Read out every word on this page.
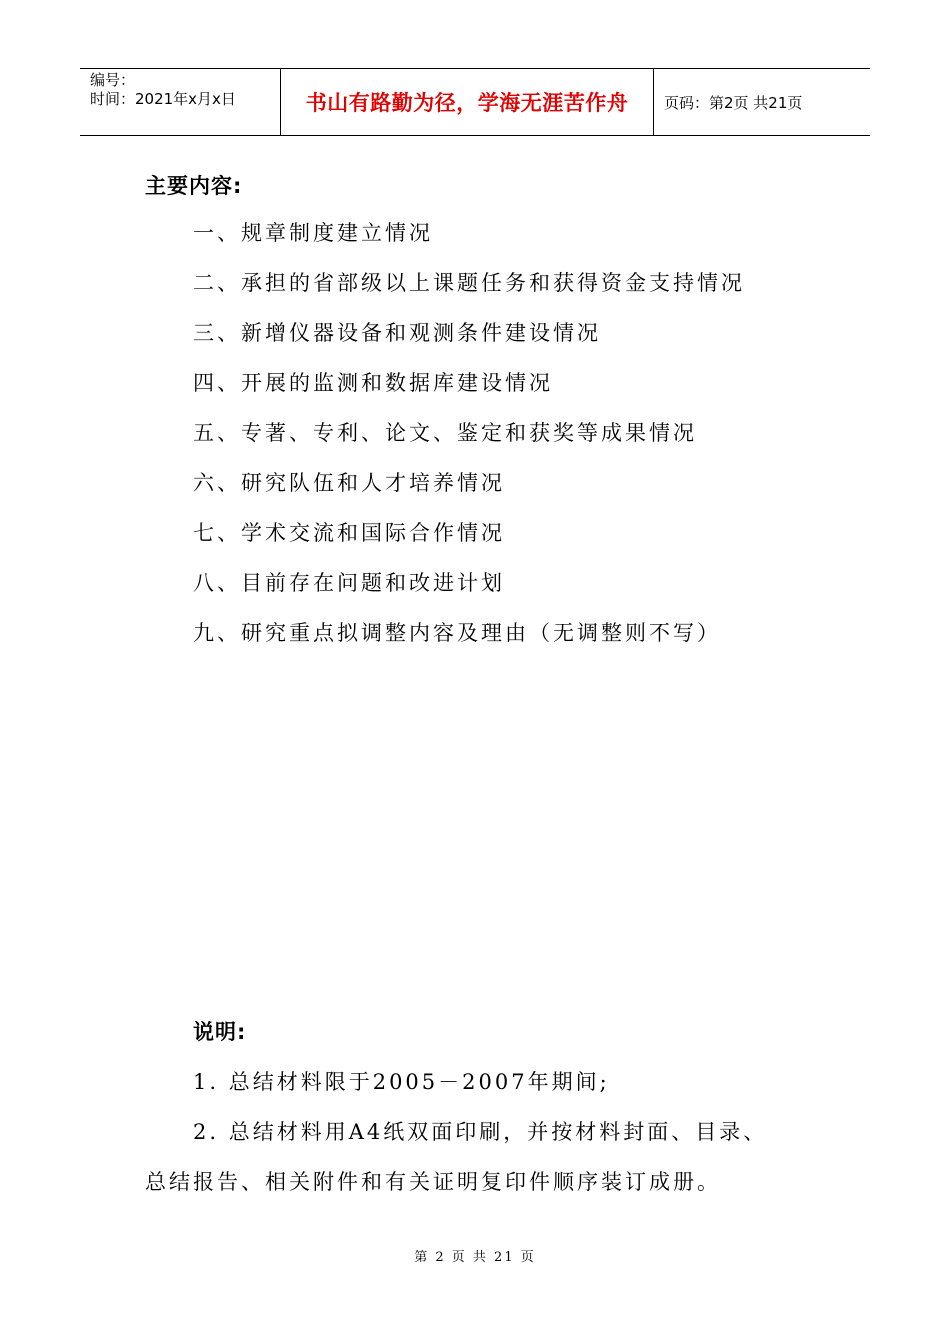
编号：
时间：2021年x月x日	书山有路勤为径，学海无涯苦作舟 页码：第2页 共21页
主要内容:
一、规章制度建立情况
二、承担的省部级以上课题任务和获得资金支持情况
三、新增仪器设备和观测条件建设情况
四、开展的监测和数据库建设情况
五、专著、专利、论文、鉴定和获奖等成果情况
六、研究队伍和人才培养情况
七、学术交流和国际合作情况
八、目前存在问题和改进计划
九、研究重点拟调整内容及理由（无调整则不写）
说明:
1. 总结材料限于2005－2007年期间;
2. 总结材料用A4纸双面印刷，并按材料封面、目录、
总结报告、相关附件和有关证明复印件顺序装订成册。
第 2 页 共 21 页
